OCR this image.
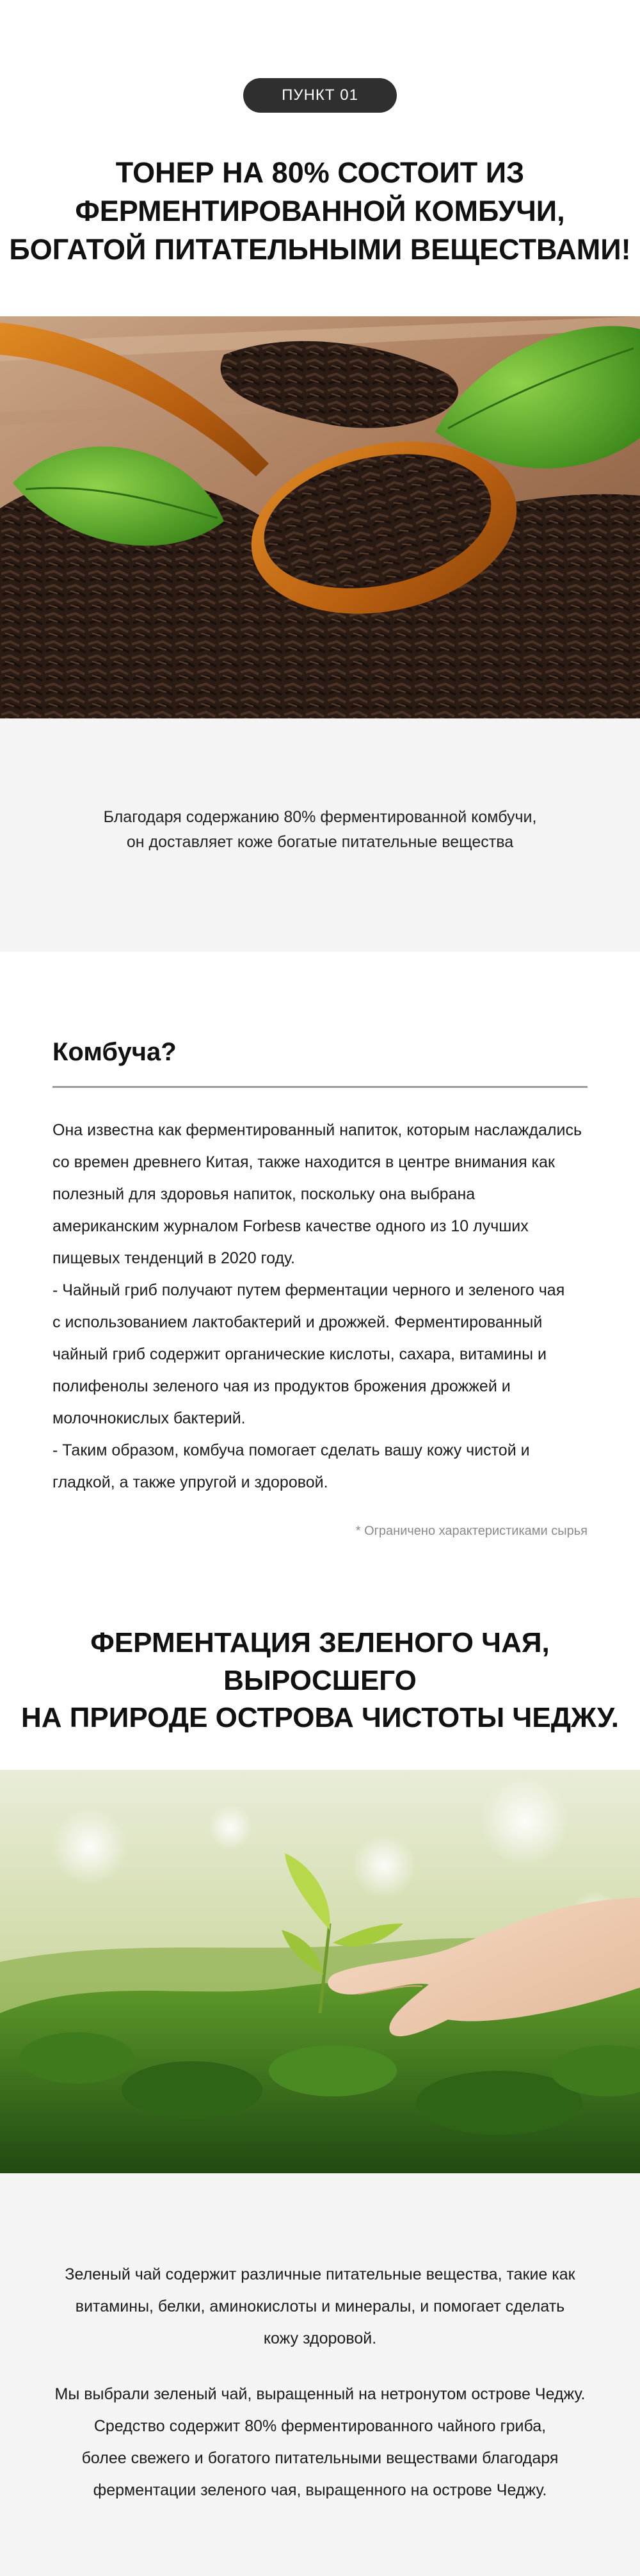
ПУНКТ 01
ТОНЕР НА 80% СОСТОИТ ИЗ
ФЕРМЕНТИРОВАННОЙ КОМБУЧИ,
БОГАТОЙ ПИТАТЕЛЬНЫМИ ВЕЩЕСТВАМИ!

Благодаря содержанию 80% ферментированной комбучи,
он доставляет коже богатые питательные вещества

Комбуча?
Она известна как ферментированный напиток, которым наслаждались
со времен древнего Китая, также находится в центре внимания как
полезный для здоровья напиток, поскольку она выбрана
американским журналом Forbesв качестве одного из 10 лучших
пищевых тенденций в 2020 году.
- Чайный гриб получают путем ферментации черного и зеленого чая
с использованием лактобактерий и дрожжей. Ферментированный
чайный гриб содержит органические кислоты, сахара, витамины и
полифенолы зеленого чая из продуктов брожения дрожжей и
молочнокислых бактерий.
- Таким образом, комбуча помогает сделать вашу кожу чистой и
гладкой, а также упругой и здоровой.
* Ограничено характеристиками сырья
ФЕРМЕНТАЦИЯ ЗЕЛЕНОГО ЧАЯ, ВЫРОСШЕГО
НА ПРИРОДЕ ОСТРОВА ЧИСТОТЫ ЧЕДЖУ.

Зеленый чай содержит различные питательные вещества, такие как
витамины, белки, аминокислоты и минералы, и помогает сделать
кожу здоровой.

Мы выбрали зеленый чай, выращенный на нетронутом острове Чеджу.
Средство содержит 80% ферментированного чайного гриба,
более свежего и богатого питательными веществами благодаря
ферментации зеленого чая, выращенного на острове Чеджу.
